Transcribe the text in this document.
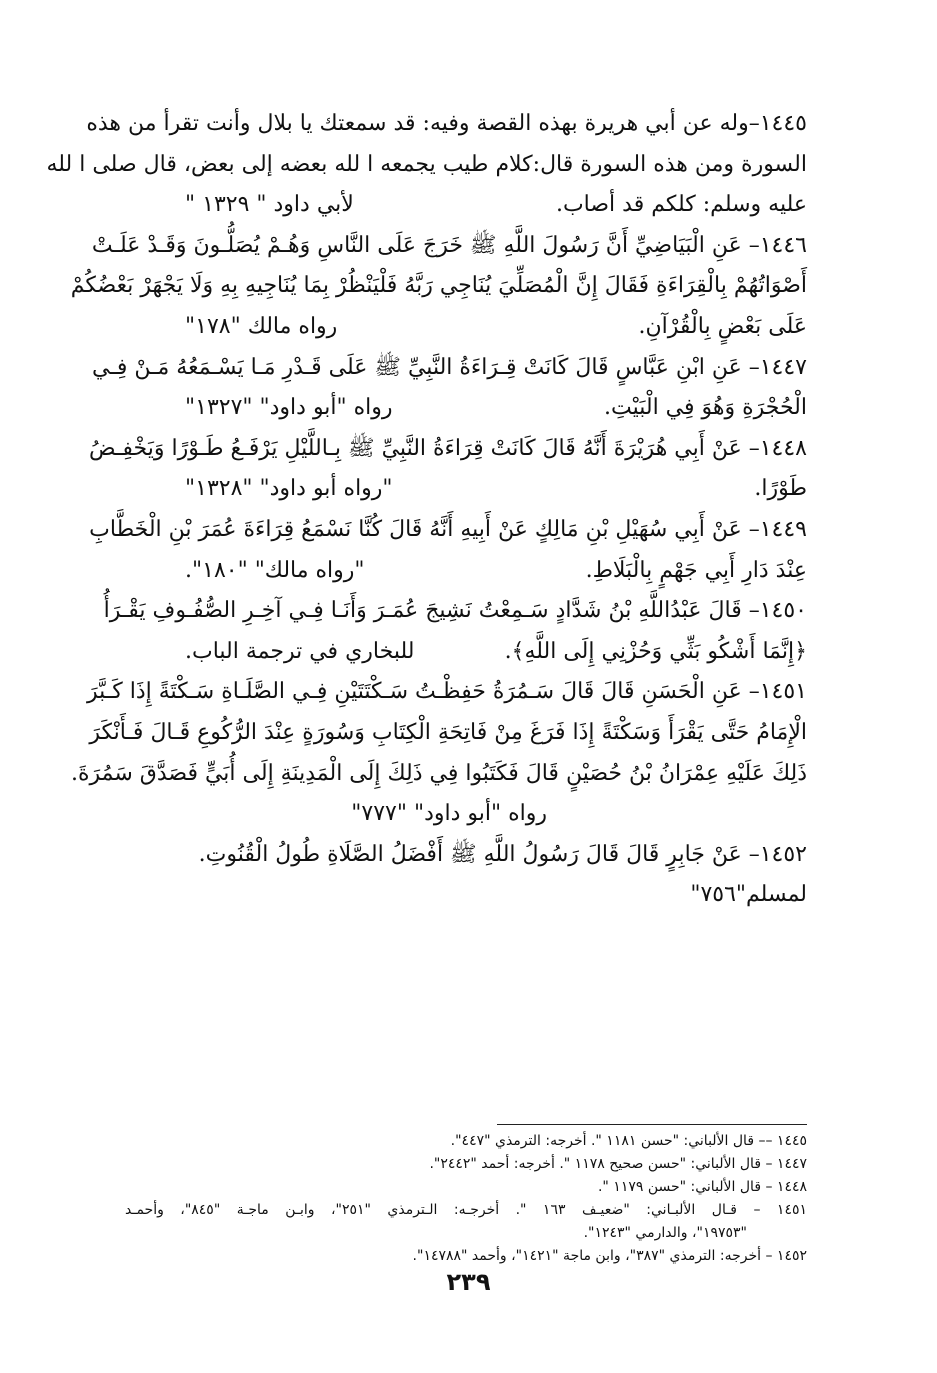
١٤٤٥–وله عن أبي هريرة بهذه القصة وفيه: قد سمعتك يا بلال وأنت تقرأ من هذه
السورة ومن هذه السورة قال:كلام طيب يجمعه ا لله بعضه إلى بعض، قال صلى ا لله
عليه وسلم: كلكم قد أصاب.
لأبي داود " ١٣٢٩ "
١٤٤٦– عَنِ الْبَيَاضِيِّ أَنَّ رَسُولَ اللَّهِ ﷺ خَرَجَ عَلَى النَّاسِ وَهُـمْ يُصَلُّـونَ وَقَـدْ عَلَـتْ
أَصْوَاتُهُمْ بِالْقِرَاءَةِ فَقَالَ إِنَّ الْمُصَلِّيَ يُنَاجِي رَبَّهُ فَلْيَنْظُرْ بِمَا يُنَاجِيهِ بِهِ وَلَا يَجْهَرْ بَعْضُكُمْ
عَلَى بَعْضٍ بِالْقُرْآنِ.
رواه مالك "١٧٨"
١٤٤٧– عَنِ ابْنِ عَبَّاسٍ قَالَ كَانَتْ قِـرَاءَةُ النَّبِيِّ ﷺ عَلَى قَـدْرِ مَـا يَسْـمَعُهُ مَـنْ فِـي
الْحُجْرَةِ وَهُوَ فِي الْبَيْتِ.
رواه "أبو داود" "١٣٢٧"
١٤٤٨– عَنْ أَبِي هُرَيْرَةَ أَنَّهُ قَالَ كَانَتْ قِرَاءَةُ النَّبِيِّ ﷺ بِـاللَّيْلِ يَرْفَـعُ طَـوْرًا وَيَخْفِـضُ
طَوْرًا.
"رواه أبو داود" "١٣٢٨"
١٤٤٩– عَنْ أَبِي سُهَيْلِ بْنِ مَالِكٍ عَنْ أَبِيهِ أَنَّهُ قَالَ كُنَّا نَسْمَعُ قِرَاءَةَ عُمَرَ بْنِ الْخَطَّابِ
عِنْدَ دَارِ أَبِي جَهْمٍ بِالْبَلَاطِ.
"رواه مالك" "١٨٠".
١٤٥٠– قَالَ عَبْدُاللَّهِ بْنُ شَدَّادٍ سَـمِعْتُ نَشِيجَ عُمَـرَ وَأَنَـا فِـي آخِـرِ الصُّفُـوفِ يَقْـرَأُ
﴿إِنَّمَا أَشْكُو بَثِّي وَحُزْنِي إِلَى اللَّهِ﴾.
للبخاري في ترجمة الباب.
١٤٥١– عَنِ الْحَسَنِ قَالَ قَالَ سَـمُرَةُ حَفِظْـتُ سَـكْتَتَيْنِ فِـي الصَّلَـاةِ سَـكْتَةً إِذَا كَـبَّرَ
الْإِمَامُ حَتَّى يَقْرَأَ وَسَكْتَةً إِذَا فَرَغَ مِنْ فَاتِحَةِ الْكِتَابِ وَسُورَةٍ عِنْدَ الرُّكُوعِ قَـالَ فَـأَنْكَرَ
ذَلِكَ عَلَيْهِ عِمْرَانُ بْنُ حُصَيْنٍ قَالَ فَكَتَبُوا فِي ذَلِكَ إِلَى الْمَدِينَةِ إِلَى أُبَيٍّ فَصَدَّقَ سَمُرَةَ.
رواه "أبو داود" "٧٧٧"
١٤٥٢– عَنْ جَابِرٍ قَالَ قَالَ رَسُولُ اللَّهِ ﷺ أَفْضَلُ الصَّلَاةِ طُولُ الْقُنُوتِ.
لمسلم"٧٥٦"
١٤٤٥ –– قال الألباني: "حسن ١١٨١ ". أخرجه: الترمذي "٤٤٧".
١٤٤٧ – قال الألباني: "حسن صحيح ١١٧٨ ". أخرجه: أحمد "٢٤٤٢".
١٤٤٨ – قال الألباني: "حسن ١١٧٩ ".
١٤٥١ – قـال الألبـاني: "ضعيـف ١٦٣ ". أخرجـه: الـترمذي "٢٥١"، وابـن ماجـة "٨٤٥"، وأحمـد
"١٩٧٥٣"، والدارمي "١٢٤٣".
١٤٥٢ – أخرجه: الترمذي "٣٨٧"، وابن ماجة "١٤٢١"، وأحمد "١٤٧٨٨".
٢٣٩
